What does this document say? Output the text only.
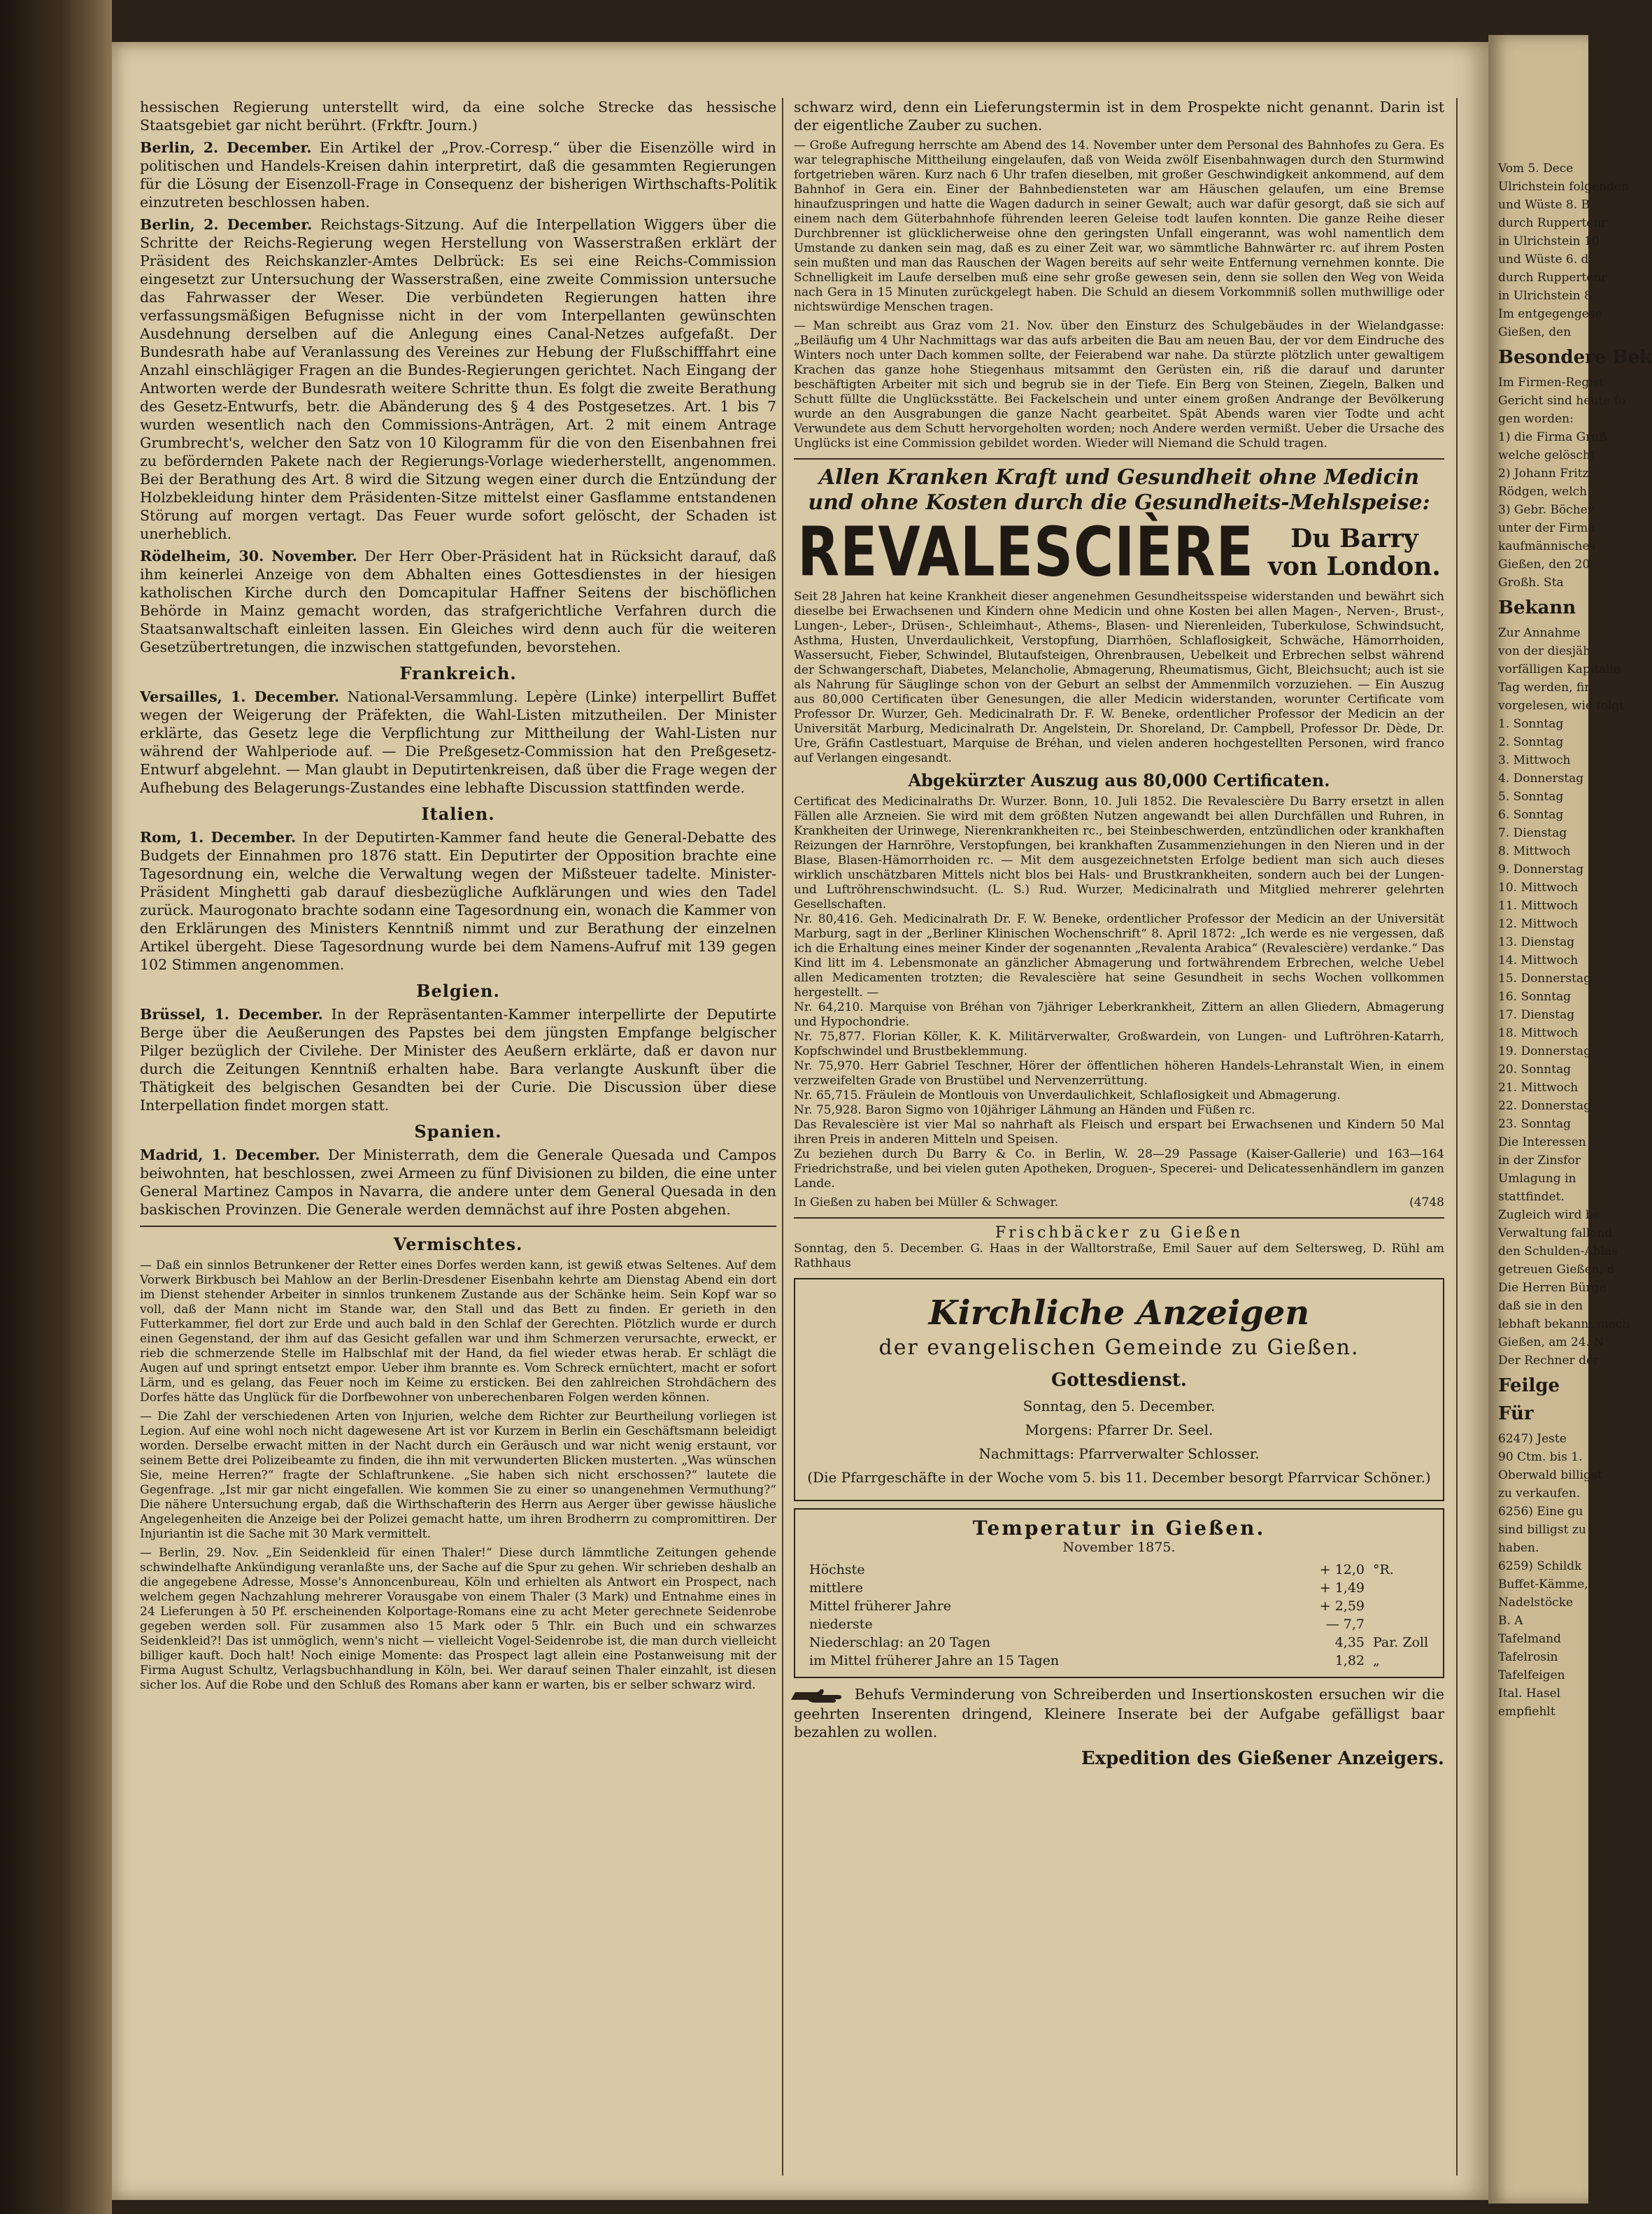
hessischen Regierung unterstellt wird, da eine solche Strecke das hessische Staatsgebiet gar nicht berührt. (Frkftr. Journ.)

Berlin, 2. December. Ein Artikel der „Prov.-Corresp.“ über die Eisenzölle wird in politischen und Handels-Kreisen dahin interpretirt, daß die gesammten Regierungen für die Lösung der Eisenzoll-Frage in Consequenz der bisherigen Wirthschafts-Politik einzutreten beschlossen haben.

Berlin, 2. December. Reichstags-Sitzung. Auf die Interpellation Wiggers über die Schritte der Reichs-Regierung wegen Herstellung von Wasserstraßen erklärt der Präsident des Reichskanzler-Amtes Delbrück: Es sei eine Reichs-Commission eingesetzt zur Untersuchung der Wasserstraßen, eine zweite Commission untersuche das Fahrwasser der Weser. Die verbündeten Regierungen hatten ihre verfassungsmäßigen Befugnisse nicht in der vom Interpellanten gewünschten Ausdehnung derselben auf die Anlegung eines Canal-Netzes aufgefaßt. Der Bundesrath habe auf Veranlassung des Vereines zur Hebung der Flußschifffahrt eine Anzahl einschlägiger Fragen an die Bundes-Regierungen gerichtet. Nach Eingang der Antworten werde der Bundesrath weitere Schritte thun. Es folgt die zweite Berathung des Gesetz-Entwurfs, betr. die Abänderung des § 4 des Postgesetzes. Art. 1 bis 7 wurden wesentlich nach den Commissions-Anträgen, Art. 2 mit einem Antrage Grumbrecht's, welcher den Satz von 10 Kilogramm für die von den Eisenbahnen frei zu befördernden Pakete nach der Regierungs-Vorlage wiederherstellt, angenommen. Bei der Berathung des Art. 8 wird die Sitzung wegen einer durch die Entzündung der Holzbekleidung hinter dem Präsidenten-Sitze mittelst einer Gasflamme entstandenen Störung auf morgen vertagt. Das Feuer wurde sofort gelöscht, der Schaden ist unerheblich.

Rödelheim, 30. November. Der Herr Ober-Präsident hat in Rücksicht darauf, daß ihm keinerlei Anzeige von dem Abhalten eines Gottesdienstes in der hiesigen katholischen Kirche durch den Domcapitular Haffner Seitens der bischöflichen Behörde in Mainz gemacht worden, das strafgerichtliche Verfahren durch die Staatsanwaltschaft einleiten lassen. Ein Gleiches wird denn auch für die weiteren Gesetzübertretungen, die inzwischen stattgefunden, bevorstehen.

Frankreich.

Versailles, 1. December. National-Versammlung. Lepère (Linke) interpellirt Buffet wegen der Weigerung der Präfekten, die Wahl-Listen mitzutheilen. Der Minister erklärte, das Gesetz lege die Verpflichtung zur Mittheilung der Wahl-Listen nur während der Wahlperiode auf. — Die Preßgesetz-Commission hat den Preßgesetz-Entwurf abgelehnt. — Man glaubt in Deputirtenkreisen, daß über die Frage wegen der Aufhebung des Belagerungs-Zustandes eine lebhafte Discussion stattfinden werde.

Italien.

Rom, 1. December. In der Deputirten-Kammer fand heute die General-Debatte des Budgets der Einnahmen pro 1876 statt. Ein Deputirter der Opposition brachte eine Tagesordnung ein, welche die Verwaltung wegen der Mißsteuer tadelte. Minister-Präsident Minghetti gab darauf diesbezügliche Aufklärungen und wies den Tadel zurück. Maurogonato brachte sodann eine Tagesordnung ein, wonach die Kammer von den Erklärungen des Ministers Kenntniß nimmt und zur Berathung der einzelnen Artikel übergeht. Diese Tagesordnung wurde bei dem Namens-Aufruf mit 139 gegen 102 Stimmen angenommen.

Belgien.

Brüssel, 1. December. In der Repräsentanten-Kammer interpellirte der Deputirte Berge über die Aeußerungen des Papstes bei dem jüngsten Empfange belgischer Pilger bezüglich der Civilehe. Der Minister des Aeußern erklärte, daß er davon nur durch die Zeitungen Kenntniß erhalten habe. Bara verlangte Auskunft über die Thätigkeit des belgischen Gesandten bei der Curie. Die Discussion über diese Interpellation findet morgen statt.

Spanien.

Madrid, 1. December. Der Ministerrath, dem die Generale Quesada und Campos beiwohnten, hat beschlossen, zwei Armeen zu fünf Divisionen zu bilden, die eine unter General Martinez Campos in Navarra, die andere unter dem General Quesada in den baskischen Provinzen. Die Generale werden demnächst auf ihre Posten abgehen.

Vermischtes.

— Daß ein sinnlos Betrunkener der Retter eines Dorfes werden kann, ist gewiß etwas Seltenes. Auf dem Vorwerk Birkbusch bei Mahlow an der Berlin-Dresdener Eisenbahn kehrte am Dienstag Abend ein dort im Dienst stehender Arbeiter in sinnlos trunkenem Zustande aus der Schänke heim. Sein Kopf war so voll, daß der Mann nicht im Stande war, den Stall und das Bett zu finden. Er gerieth in den Futterkammer, fiel dort zur Erde und auch bald in den Schlaf der Gerechten. Plötzlich wurde er durch einen Gegenstand, der ihm auf das Gesicht gefallen war und ihm Schmerzen verursachte, erweckt, er rieb die schmerzende Stelle im Halbschlaf mit der Hand, da fiel wieder etwas herab. Er schlägt die Augen auf und springt entsetzt empor. Ueber ihm brannte es. Vom Schreck ernüchtert, macht er sofort Lärm, und es gelang, das Feuer noch im Keime zu ersticken. Bei den zahlreichen Strohdächern des Dorfes hätte das Unglück für die Dorfbewohner von unberechenbaren Folgen werden können.

— Die Zahl der verschiedenen Arten von Injurien, welche dem Richter zur Beurtheilung vorliegen ist Legion. Auf eine wohl noch nicht dagewesene Art ist vor Kurzem in Berlin ein Geschäftsmann beleidigt worden. Derselbe erwacht mitten in der Nacht durch ein Geräusch und war nicht wenig erstaunt, vor seinem Bette drei Polizeibeamte zu finden, die ihn mit verwunderten Blicken musterten. „Was wünschen Sie, meine Herren?“ fragte der Schlaftrunkene. „Sie haben sich nicht erschossen?“ lautete die Gegenfrage. „Ist mir gar nicht eingefallen. Wie kommen Sie zu einer so unangenehmen Vermuthung?“ Die nähere Untersuchung ergab, daß die Wirthschafterin des Herrn aus Aerger über gewisse häusliche Angelegenheiten die Anzeige bei der Polizei gemacht hatte, um ihren Brodherrn zu compromittiren. Der Injuriantin ist die Sache mit 30 Mark vermittelt.

— Berlin, 29. Nov. „Ein Seidenkleid für einen Thaler!“ Diese durch lämmtliche Zeitungen gehende schwindelhafte Ankündigung veranlaßte uns, der Sache auf die Spur zu gehen. Wir schrieben deshalb an die angegebene Adresse, Mosse's Annoncenbureau, Köln und erhielten als Antwort ein Prospect, nach welchem gegen Nachzahlung mehrerer Vorausgabe von einem Thaler (3 Mark) und Entnahme eines in 24 Lieferungen à 50 Pf. erscheinenden Kolportage-Romans eine zu acht Meter gerechnete Seidenrobe gegeben werden soll. Für zusammen also 15 Mark oder 5 Thlr. ein Buch und ein schwarzes Seidenkleid?! Das ist unmöglich, wenn's nicht — vielleicht Vogel-Seidenrobe ist, die man durch vielleicht billiger kauft. Doch halt! Noch einige Momente: das Prospect lagt allein eine Postanweisung mit der Firma August Schultz, Verlagsbuchhandlung in Köln, bei. Wer darauf seinen Thaler einzahlt, ist diesen sicher los. Auf die Robe und den Schluß des Romans aber kann er warten, bis er selber schwarz wird.

schwarz wird, denn ein Lieferungstermin ist in dem Prospekte nicht genannt. Darin ist der eigentliche Zauber zu suchen.

— Große Aufregung herrschte am Abend des 14. November unter dem Personal des Bahnhofes zu Gera. Es war telegraphische Mittheilung eingelaufen, daß von Weida zwölf Eisenbahnwagen durch den Sturmwind fortgetrieben wären. Kurz nach 6 Uhr trafen dieselben, mit großer Geschwindigkeit ankommend, auf dem Bahnhof in Gera ein. Einer der Bahnbediensteten war am Häuschen gelaufen, um eine Bremse hinaufzuspringen und hatte die Wagen dadurch in seiner Gewalt; auch war dafür gesorgt, daß sie sich auf einem nach dem Güterbahnhofe führenden leeren Geleise todt laufen konnten. Die ganze Reihe dieser Durchbrenner ist glücklicherweise ohne den geringsten Unfall eingerannt, was wohl namentlich dem Umstande zu danken sein mag, daß es zu einer Zeit war, wo sämmtliche Bahnwärter rc. auf ihrem Posten sein mußten und man das Rauschen der Wagen bereits auf sehr weite Entfernung vernehmen konnte. Die Schnelligkeit im Laufe derselben muß eine sehr große gewesen sein, denn sie sollen den Weg von Weida nach Gera in 15 Minuten zurückgelegt haben. Die Schuld an diesem Vorkommniß sollen muthwillige oder nichtswürdige Menschen tragen.

— Man schreibt aus Graz vom 21. Nov. über den Einsturz des Schulgebäudes in der Wielandgasse: „Beiläufig um 4 Uhr Nachmittags war das aufs arbeiten die Bau am neuen Bau, der vor dem Eindruche des Winters noch unter Dach kommen sollte, der Feierabend war nahe. Da stürzte plötzlich unter gewaltigem Krachen das ganze hohe Stiegenhaus mitsammt den Gerüsten ein, riß die darauf und darunter beschäftigten Arbeiter mit sich und begrub sie in der Tiefe. Ein Berg von Steinen, Ziegeln, Balken und Schutt füllte die Unglücksstätte. Bei Fackelschein und unter einem großen Andrange der Bevölkerung wurde an den Ausgrabungen die ganze Nacht gearbeitet. Spät Abends waren vier Todte und acht Verwundete aus dem Schutt hervorgeholten worden; noch Andere werden vermißt. Ueber die Ursache des Unglücks ist eine Commission gebildet worden. Wieder will Niemand die Schuld tragen.

Allen Kranken Kraft und Gesundheit ohne Medicin und ohne Kosten durch die Gesundheits-Mehlspeise:
REVALESCIÈRE	Du Barry
von London.

Seit 28 Jahren hat keine Krankheit dieser angenehmen Gesundheitsspeise widerstanden und bewährt sich dieselbe bei Erwachsenen und Kindern ohne Medicin und ohne Kosten bei allen Magen-, Nerven-, Brust-, Lungen-, Leber-, Drüsen-, Schleimhaut-, Athems-, Blasen- und Nierenleiden, Tuberkulose, Schwindsucht, Asthma, Husten, Unverdaulichkeit, Verstopfung, Diarrhöen, Schlaflosigkeit, Schwäche, Hämorrhoiden, Wassersucht, Fieber, Schwindel, Blutaufsteigen, Ohrenbrausen, Uebelkeit und Erbrechen selbst während der Schwangerschaft, Diabetes, Melancholie, Abmagerung, Rheumatismus, Gicht, Bleichsucht; auch ist sie als Nahrung für Säuglinge schon von der Geburt an selbst der Ammenmilch vorzuziehen. — Ein Auszug aus 80,000 Certificaten über Genesungen, die aller Medicin widerstanden, worunter Certificate vom Professor Dr. Wurzer, Geh. Medicinalrath Dr. F. W. Beneke, ordentlicher Professor der Medicin an der Universität Marburg, Medicinalrath Dr. Angelstein, Dr. Shoreland, Dr. Campbell, Professor Dr. Dède, Dr. Ure, Gräfin Castlestuart, Marquise de Bréhan, und vielen anderen hochgestellten Personen, wird franco auf Verlangen eingesandt.

Abgekürzter Auszug aus 80,000 Certificaten.

Certificat des Medicinalraths Dr. Wurzer. Bonn, 10. Juli 1852. Die Revalescière Du Barry ersetzt in allen Fällen alle Arzneien. Sie wird mit dem größten Nutzen angewandt bei allen Durchfällen und Ruhren, in Krankheiten der Urinwege, Nierenkrankheiten rc., bei Steinbeschwerden, entzündlichen oder krankhaften Reizungen der Harnröhre, Verstopfungen, bei krankhaften Zusammenziehungen in den Nieren und in der Blase, Blasen-Hämorrhoiden rc. — Mit dem ausgezeichnetsten Erfolge bedient man sich auch dieses wirklich unschätzbaren Mittels nicht blos bei Hals- und Brustkrankheiten, sondern auch bei der Lungen- und Luftröhrenschwindsucht. (L. S.) Rud. Wurzer, Medicinalrath und Mitglied mehrerer gelehrten Gesellschaften.
Nr. 80,416. Geh. Medicinalrath Dr. F. W. Beneke, ordentlicher Professor der Medicin an der Universität Marburg, sagt in der „Berliner Klinischen Wochenschrift“ 8. April 1872: „Ich werde es nie vergessen, daß ich die Erhaltung eines meiner Kinder der sogenannten „Revalenta Arabica“ (Revalescière) verdanke.“ Das Kind litt im 4. Lebensmonate an gänzlicher Abmagerung und fortwährendem Erbrechen, welche Uebel allen Medicamenten trotzten; die Revalescière hat seine Gesundheit in sechs Wochen vollkommen hergestellt. —
Nr. 64,210. Marquise von Bréhan von 7jähriger Leberkrankheit, Zittern an allen Gliedern, Abmagerung und Hypochondrie.
Nr. 75,877. Florian Köller, K. K. Militärverwalter, Großwardein, von Lungen- und Luftröhren-Katarrh, Kopfschwindel und Brustbeklemmung.
Nr. 75,970. Herr Gabriel Teschner, Hörer der öffentlichen höheren Handels-Lehranstalt Wien, in einem verzweifelten Grade von Brustübel und Nervenzerrüttung.
Nr. 65,715. Fräulein de Montlouis von Unverdaulichkeit, Schlaflosigkeit und Abmagerung.
Nr. 75,928. Baron Sigmo von 10jähriger Lähmung an Händen und Füßen rc.
Das Revalescière ist vier Mal so nahrhaft als Fleisch und erspart bei Erwachsenen und Kindern 50 Mal ihren Preis in anderen Mitteln und Speisen.
Zu beziehen durch Du Barry & Co. in Berlin, W. 28—29 Passage (Kaiser-Gallerie) und 163—164 Friedrichstraße, und bei vielen guten Apotheken, Droguen-, Specerei- und Delicatessenhändlern im ganzen Lande.

In Gießen zu haben bei Müller & Schwager.	(4748

Frischbäcker zu Gießen

Sonntag, den 5. December. G. Haas in der Walltorstraße, Emil Sauer auf dem Seltersweg, D. Rühl am Rathhaus

Kirchliche Anzeigen
der evangelischen Gemeinde zu Gießen.
Gottesdienst.
Sonntag, den 5. December.
Morgens: Pfarrer Dr. Seel.
Nachmittags: Pfarrverwalter Schlosser.
(Die Pfarrgeschäfte in der Woche vom 5. bis 11. December besorgt Pfarrvicar Schöner.)
Temperatur in Gießen.
November 1875.
Höchste	+ 12,0	°R.
mittlere	+ 1,49	
Mittel früherer Jahre	+ 2,59	
niederste	— 7,7	
Niederschlag: an 20 Tagen	4,35	Par. Zoll
im Mittel früherer Jahre an 15 Tagen	1,82	„

Behufs Verminderung von Schreiberden und Insertionskosten ersuchen wir die geehrten Inserenten dringend, Kleinere Inserate bei der Aufgabe gefälligst baar bezahlen zu wollen.

Expedition des Gießener Anzeigers.

Vom 5. Dece

Ulrichstein folgenden

und Wüste 8. B

durch Ruppertenr

in Ulrichstein 10

und Wüste 6. d

durch Ruppertenr

in Ulrichstein 8

Im entgegengese

Gießen, den

Besondere Bek

Im Firmen-Regist

Gericht sind heute fo

gen worden:

1) die Firma Gruß

welche gelöscht

2) Johann Fritz

Rödgen, welch

3) Gebr. Böcher

unter der Firma

kaufmännisches

Gießen, den 20

Großh. Sta

Bekann

Zur Annahme

von der diesjäh

vorfälligen Kapitalie

Tag werden, fin

vorgelesen, wie folgt

1. Sonntag

2. Sonntag

3. Mittwoch

4. Donnerstag

5. Sonntag

6. Sonntag

7. Dienstag

8. Mittwoch

9. Donnerstag

10. Mittwoch

11. Mittwoch

12. Mittwoch

13. Dienstag

14. Mittwoch

15. Donnerstag

16. Sonntag

17. Dienstag

18. Mittwoch

19. Donnerstag

20. Sonntag

21. Mittwoch

22. Donnerstag

23. Sonntag

Die Interessen

in der Zinsfor

Umlagung in

stattfindet.

Zugleich wird be

Verwaltung fallend

den Schulden-Ablas

getreuen Gießen, d

Die Herren Bürge

daß sie in den

lebhaft bekannt mach

Gießen, am 24. N

Der Rechner der

Feilge
Für

6247) Jeste

90 Ctm. bis 1.

Oberwald billigst

zu verkaufen.

6256) Eine gu

sind billigst zu

haben.

6259) Schildk

Buffet-Kämme,

Nadelstöcke

B. A

Tafelmand

Tafelrosin

Tafelfeigen

Ital. Hasel

empfiehlt
